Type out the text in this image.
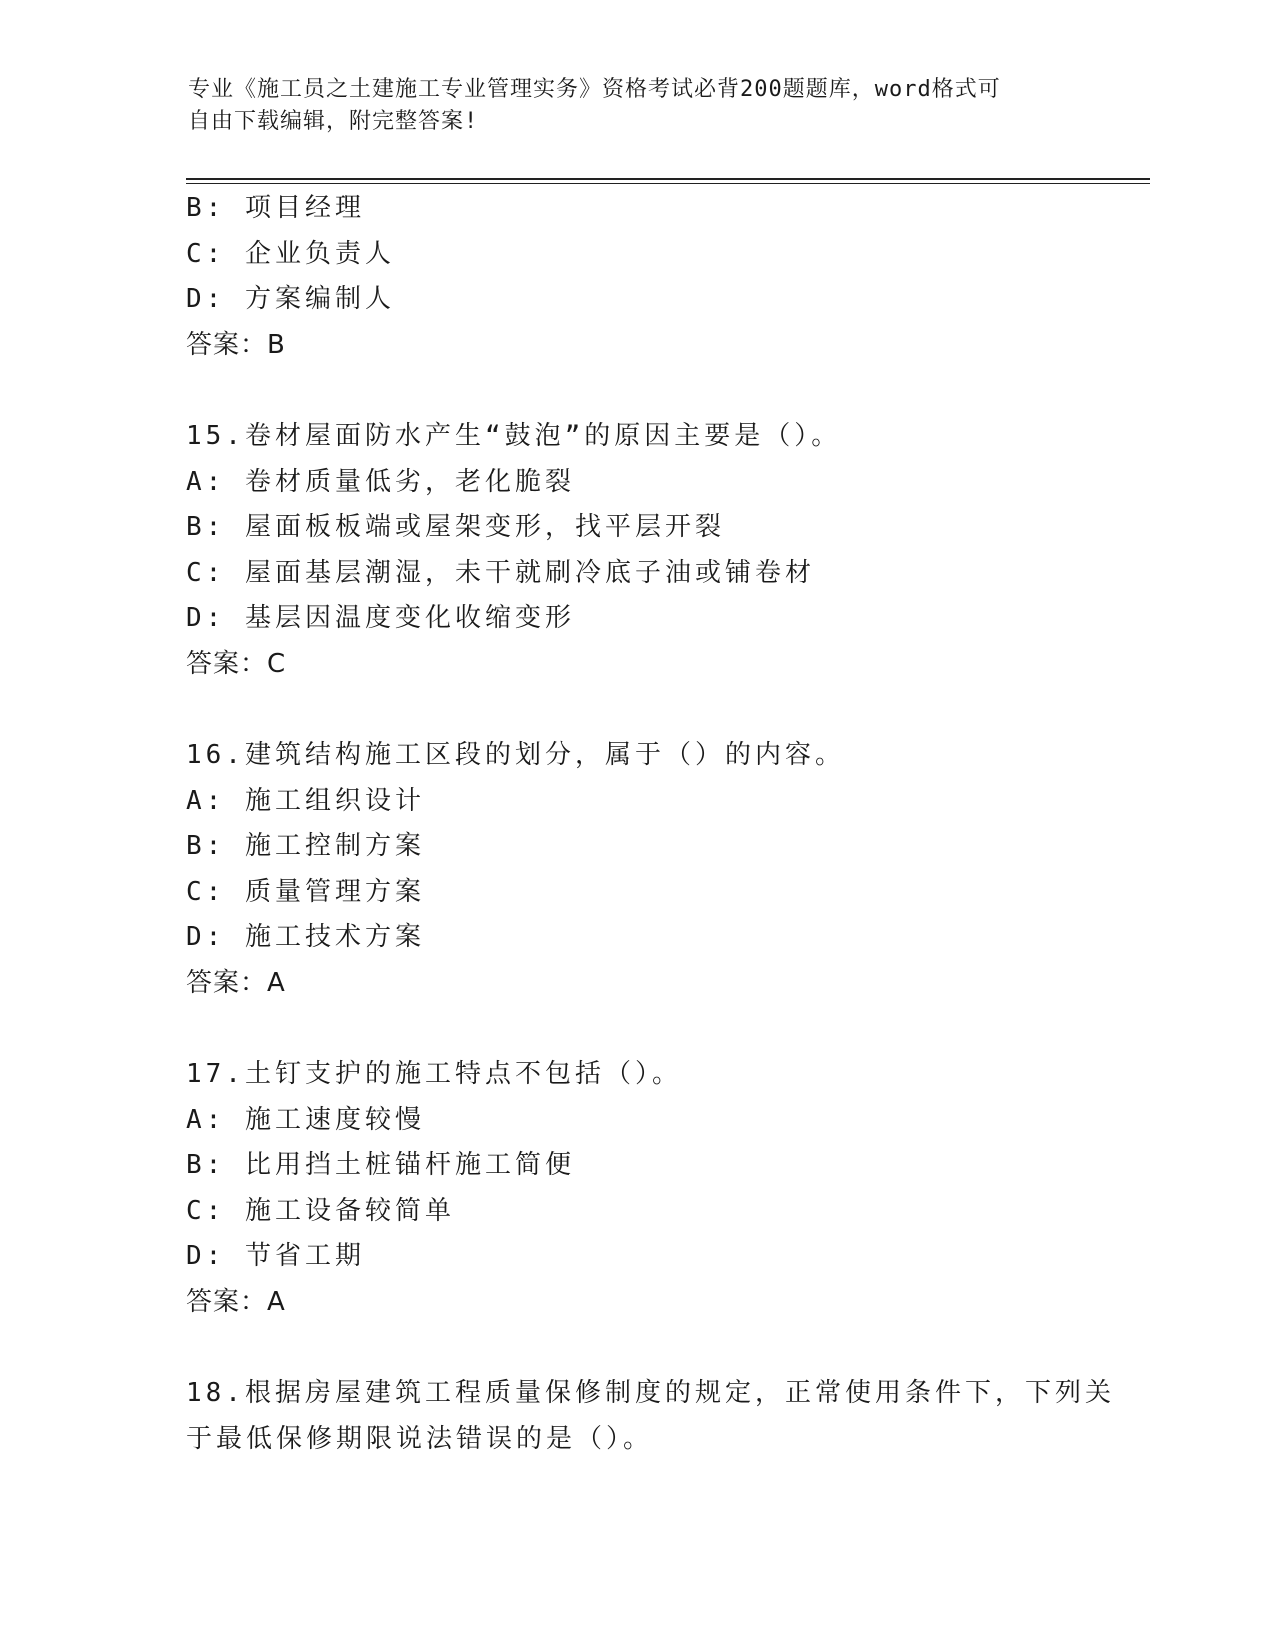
专业《施工员之土建施工专业管理实务》资格考试必背200题题库，word格式可
自由下载编辑，附完整答案!
B: 项目经理
C: 企业负责人
D: 方案编制人
答案：B
15.卷材屋面防水产生“鼓泡”的原因主要是（）。
A: 卷材质量低劣，老化脆裂
B: 屋面板板端或屋架变形，找平层开裂
C: 屋面基层潮湿，未干就刷冷底子油或铺卷材
D: 基层因温度变化收缩变形
答案：C
16.建筑结构施工区段的划分，属于（）的内容。
A: 施工组织设计
B: 施工控制方案
C: 质量管理方案
D: 施工技术方案
答案：A
17.土钉支护的施工特点不包括（）。
A: 施工速度较慢
B: 比用挡土桩锚杆施工简便
C: 施工设备较简单
D: 节省工期
答案：A
18.根据房屋建筑工程质量保修制度的规定，正常使用条件下，下列关
于最低保修期限说法错误的是（）。
